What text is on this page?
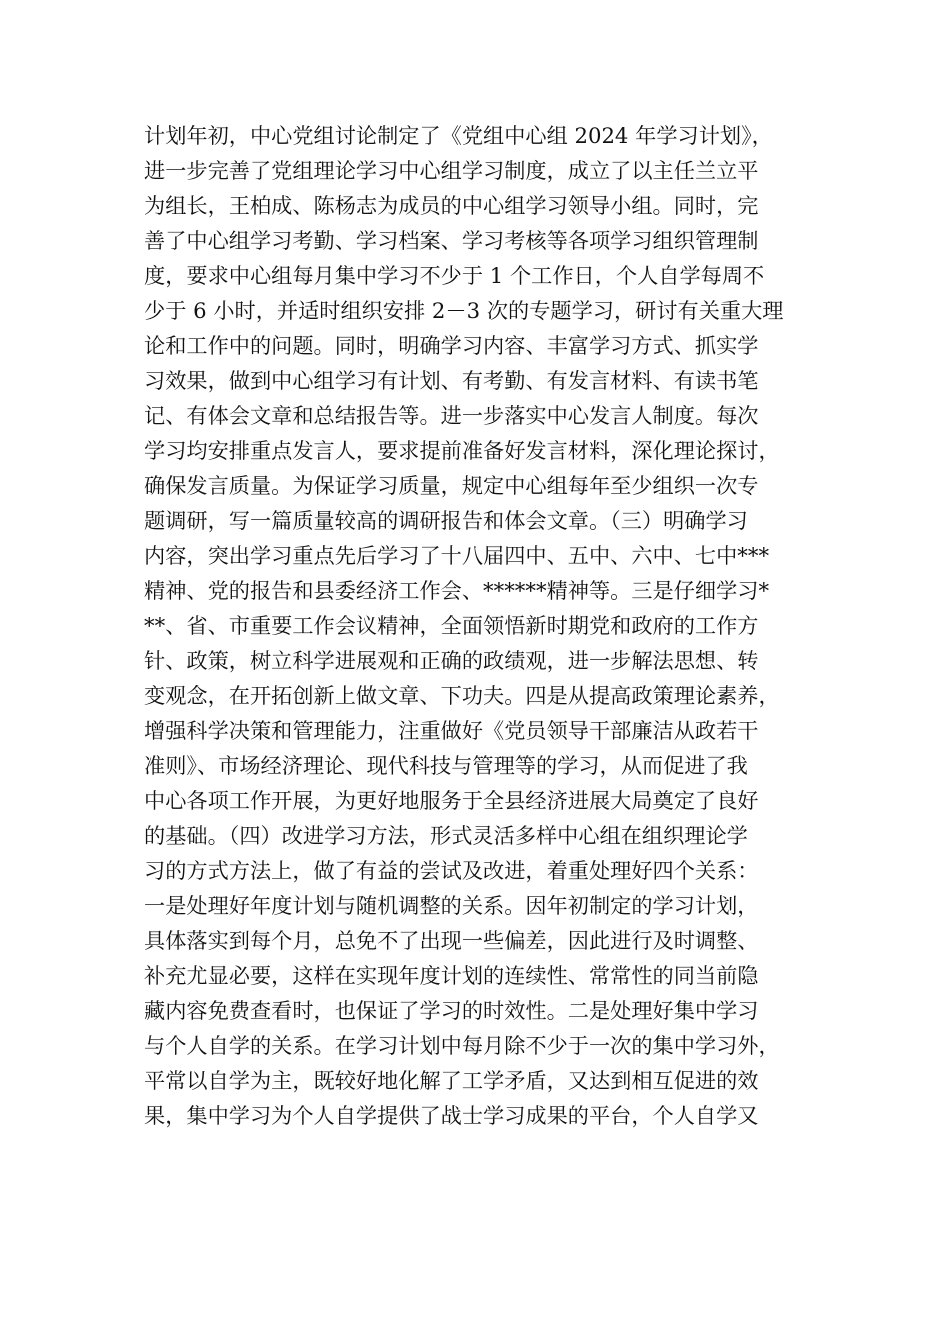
计划年初，中心党组讨论制定了《党组中心组 2024 年学习计划》，
进一步完善了党组理论学习中心组学习制度，成立了以主任兰立平
为组长，王柏成、陈杨志为成员的中心组学习领导小组。同时，完
善了中心组学习考勤、学习档案、学习考核等各项学习组织管理制
度，要求中心组每月集中学习不少于 1 个工作日，个人自学每周不
少于 6 小时，并适时组织安排 2－3 次的专题学习，研讨有关重大理
论和工作中的问题。同时，明确学习内容、丰富学习方式、抓实学
习效果，做到中心组学习有计划、有考勤、有发言材料、有读书笔
记、有体会文章和总结报告等。进一步落实中心发言人制度。每次
学习均安排重点发言人，要求提前准备好发言材料，深化理论探讨，
确保发言质量。为保证学习质量，规定中心组每年至少组织一次专
题调研，写一篇质量较高的调研报告和体会文章。（三）明确学习
内容，突出学习重点先后学习了十八届四中、五中、六中、七中***
精神、党的报告和县委经济工作会、******精神等。三是仔细学习*
**、省、市重要工作会议精神，全面领悟新时期党和政府的工作方
针、政策，树立科学进展观和正确的政绩观，进一步解法思想、转
变观念，在开拓创新上做文章、下功夫。四是从提高政策理论素养，
增强科学决策和管理能力，注重做好《党员领导干部廉洁从政若干
准则》、市场经济理论、现代科技与管理等的学习，从而促进了我
中心各项工作开展，为更好地服务于全县经济进展大局奠定了良好
的基础。（四）改进学习方法，形式灵活多样中心组在组织理论学
习的方式方法上，做了有益的尝试及改进，着重处理好四个关系：
一是处理好年度计划与随机调整的关系。因年初制定的学习计划，
具体落实到每个月，总免不了出现一些偏差，因此进行及时调整、
补充尤显必要，这样在实现年度计划的连续性、常常性的同当前隐
藏内容免费查看时，也保证了学习的时效性。二是处理好集中学习
与个人自学的关系。在学习计划中每月除不少于一次的集中学习外，
平常以自学为主，既较好地化解了工学矛盾，又达到相互促进的效
果，集中学习为个人自学提供了战士学习成果的平台，个人自学又
